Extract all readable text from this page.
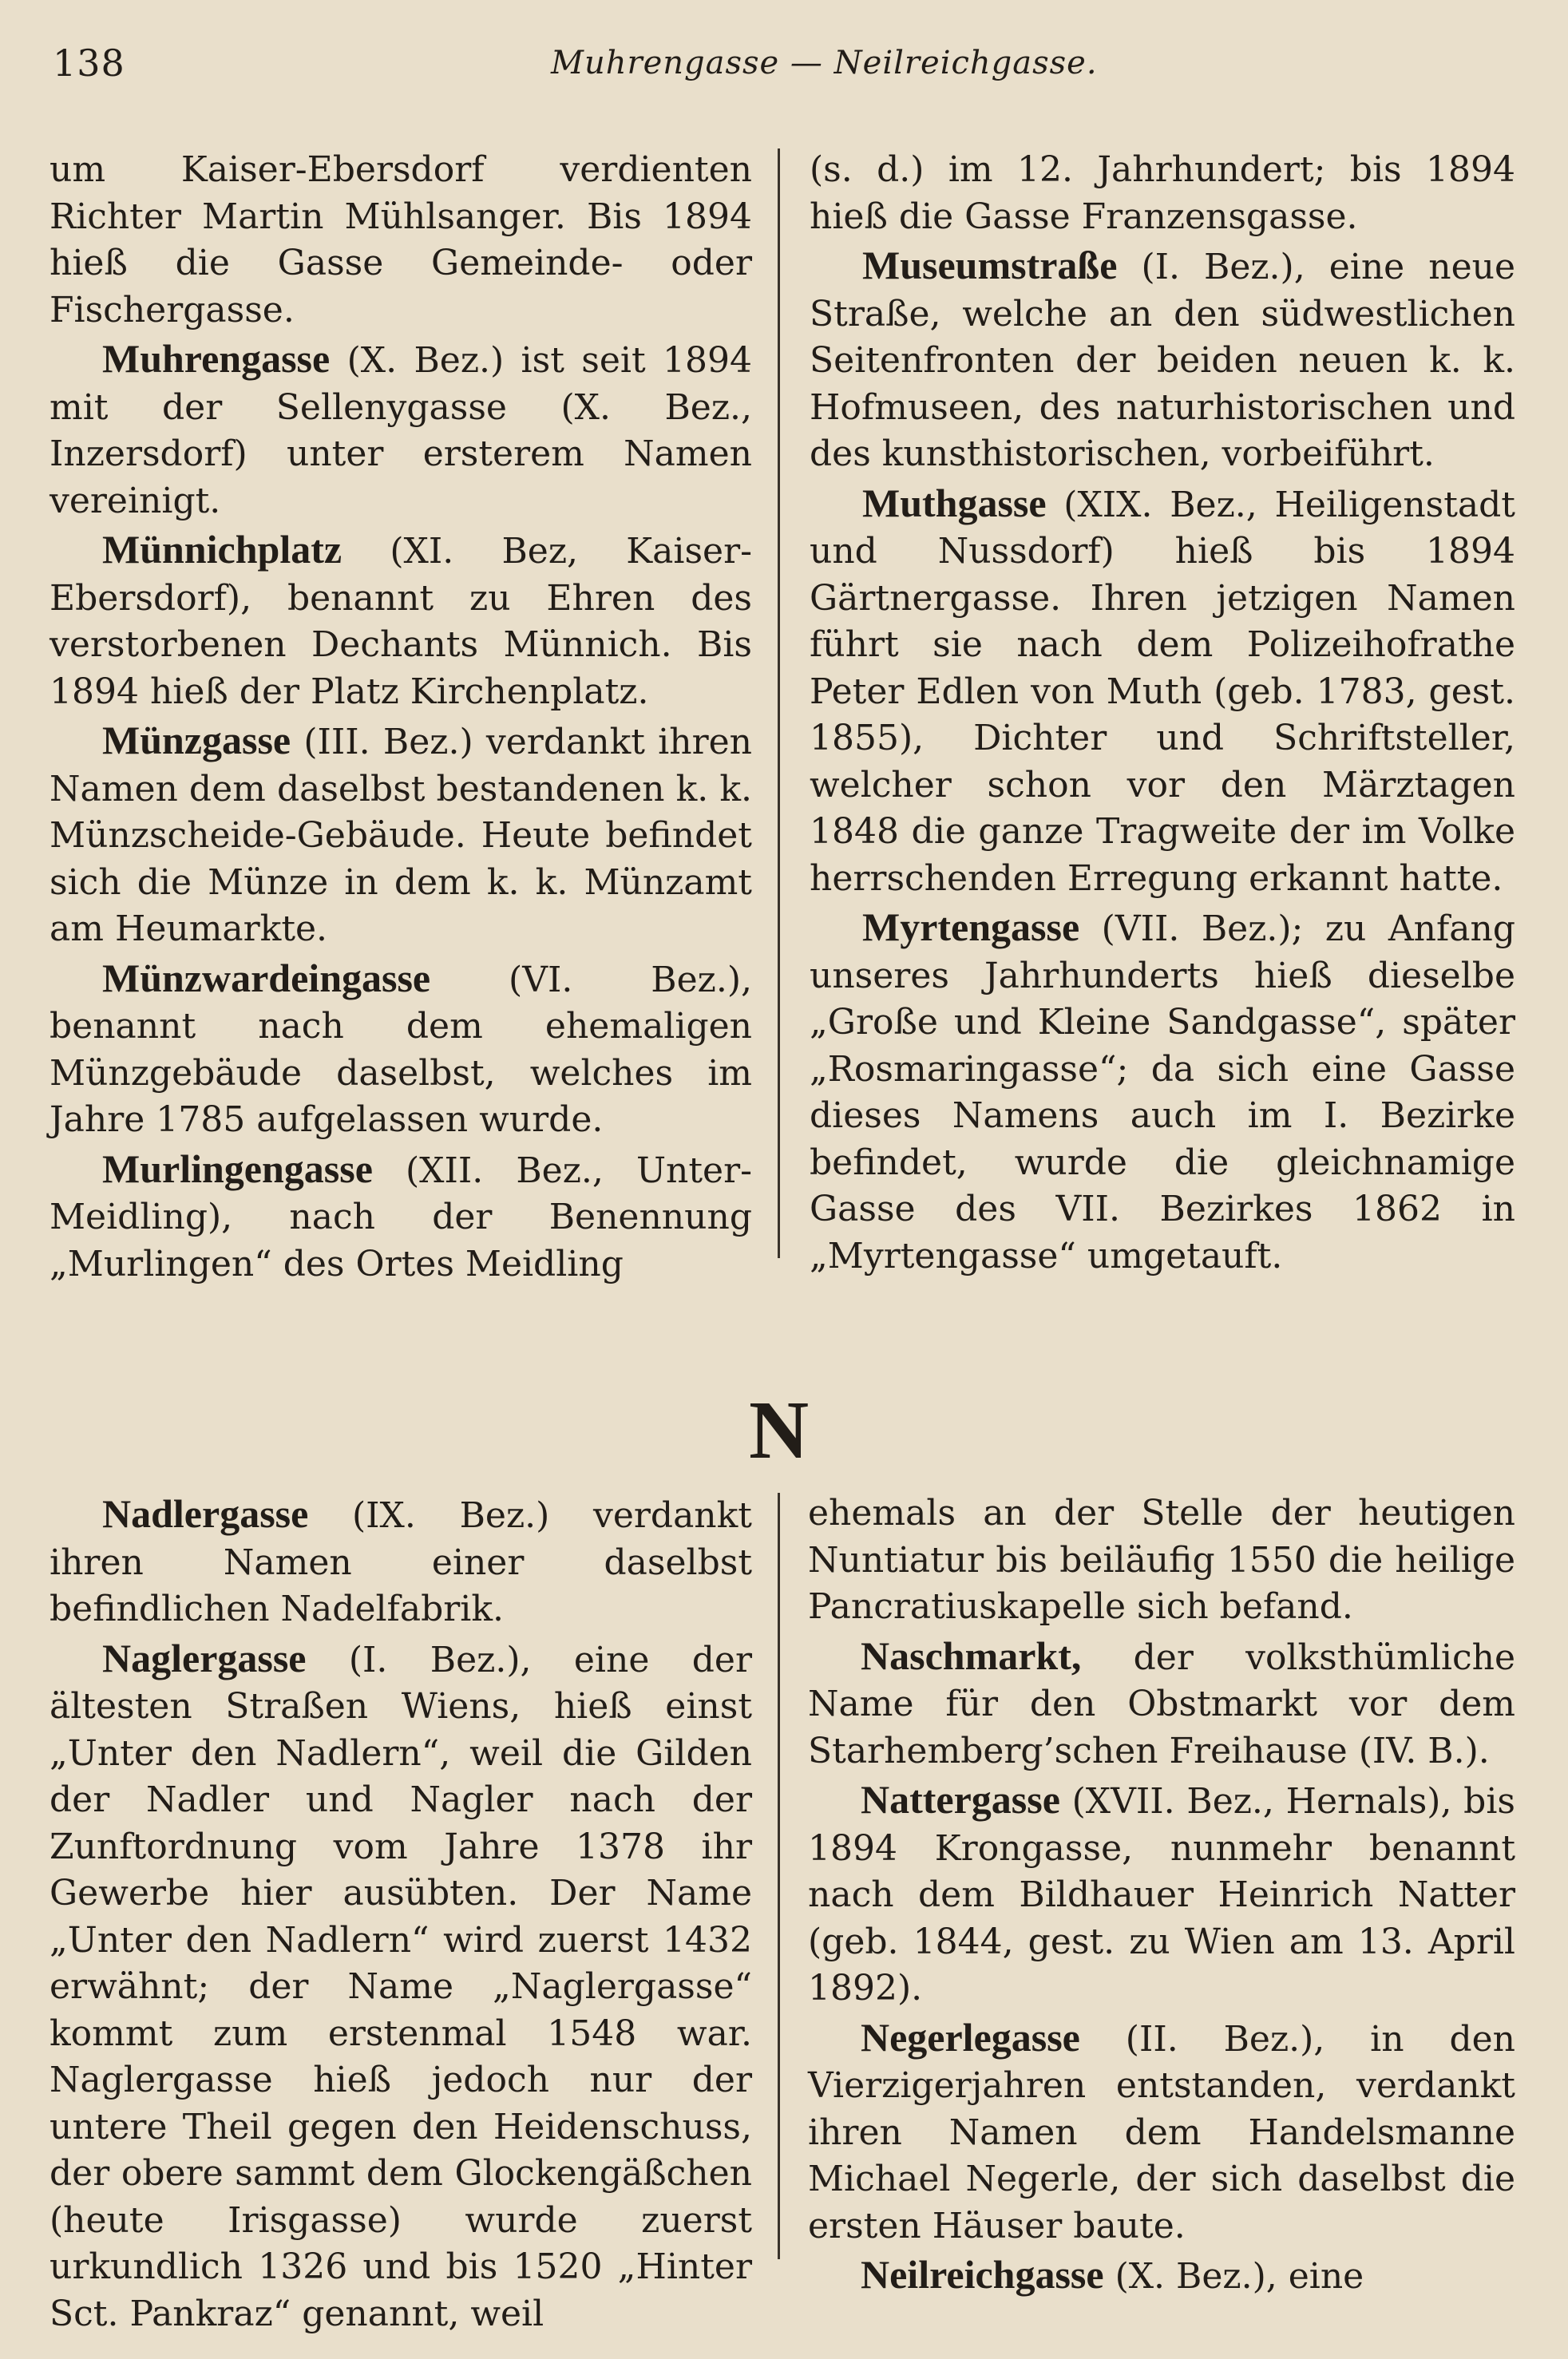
138	Muhrengasse — Neilreichgasse.

um Kaiser-Ebersdorf verdienten Richter Martin Mühlsanger. Bis 1894 hieß die Gasse Gemeinde- oder Fischergasse.

Muhrengasse (X. Bez.) ist seit 1894 mit der Sellenygasse (X. Bez., Inzersdorf) unter ersterem Namen vereinigt.

Münnichplatz (XI. Bez, Kaiser-Ebersdorf), benannt zu Ehren des verstorbenen Dechants Münnich. Bis 1894 hieß der Platz Kirchenplatz.

Münzgasse (III. Bez.) verdankt ihren Namen dem daselbst bestandenen k. k. Münzscheide-Gebäude. Heute befindet sich die Münze in dem k. k. Münzamt am Heumarkte.

Münzwardeingasse (VI. Bez.), benannt nach dem ehemaligen Münzgebäude daselbst, welches im Jahre 1785 aufgelassen wurde.

Murlingengasse (XII. Bez., Unter-Meidling), nach der Benennung „Murlingen“ des Ortes Meidling

(s. d.) im 12. Jahrhundert; bis 1894 hieß die Gasse Franzensgasse.

Museumstraße (I. Bez.), eine neue Straße, welche an den südwestlichen Seitenfronten der beiden neuen k. k. Hofmuseen, des naturhistorischen und des kunsthistorischen, vorbeiführt.

Muthgasse (XIX. Bez., Heiligenstadt und Nussdorf) hieß bis 1894 Gärtnergasse. Ihren jetzigen Namen führt sie nach dem Polizeihofrathe Peter Edlen von Muth (geb. 1783, gest. 1855), Dichter und Schriftsteller, welcher schon vor den Märztagen 1848 die ganze Tragweite der im Volke herrschenden Erregung erkannt hatte.

Myrtengasse (VII. Bez.); zu Anfang unseres Jahrhunderts hieß dieselbe „Große und Kleine Sandgasse“, später „Rosmaringasse“; da sich eine Gasse dieses Namens auch im I. Bezirke befindet, wurde die gleichnamige Gasse des VII. Bezirkes 1862 in „Myrtengasse“ umgetauft.

N

Nadlergasse (IX. Bez.) verdankt ihren Namen einer daselbst befindlichen Nadelfabrik.

Naglergasse (I. Bez.), eine der ältesten Straßen Wiens, hieß einst „Unter den Nadlern“, weil die Gilden der Nadler und Nagler nach der Zunftordnung vom Jahre 1378 ihr Gewerbe hier ausübten. Der Name „Unter den Nadlern“ wird zuerst 1432 erwähnt; der Name „Naglergasse“ kommt zum erstenmal 1548 war. Naglergasse hieß jedoch nur der untere Theil gegen den Heidenschuss, der obere sammt dem Glockengäßchen (heute Irisgasse) wurde zuerst urkundlich 1326 und bis 1520 „Hinter Sct. Pankraz“ genannt, weil

ehemals an der Stelle der heutigen Nuntiatur bis beiläufig 1550 die heilige Pancratiuskapelle sich befand.

Naschmarkt, der volksthümliche Name für den Obstmarkt vor dem Starhemberg’schen Freihause (IV. B.).

Nattergasse (XVII. Bez., Hernals), bis 1894 Krongasse, nunmehr benannt nach dem Bildhauer Heinrich Natter (geb. 1844, gest. zu Wien am 13. April 1892).

Negerlegasse (II. Bez.), in den Vierzigerjahren entstanden, verdankt ihren Namen dem Handelsmanne Michael Negerle, der sich daselbst die ersten Häuser baute.

Neilreichgasse (X. Bez.), eine
